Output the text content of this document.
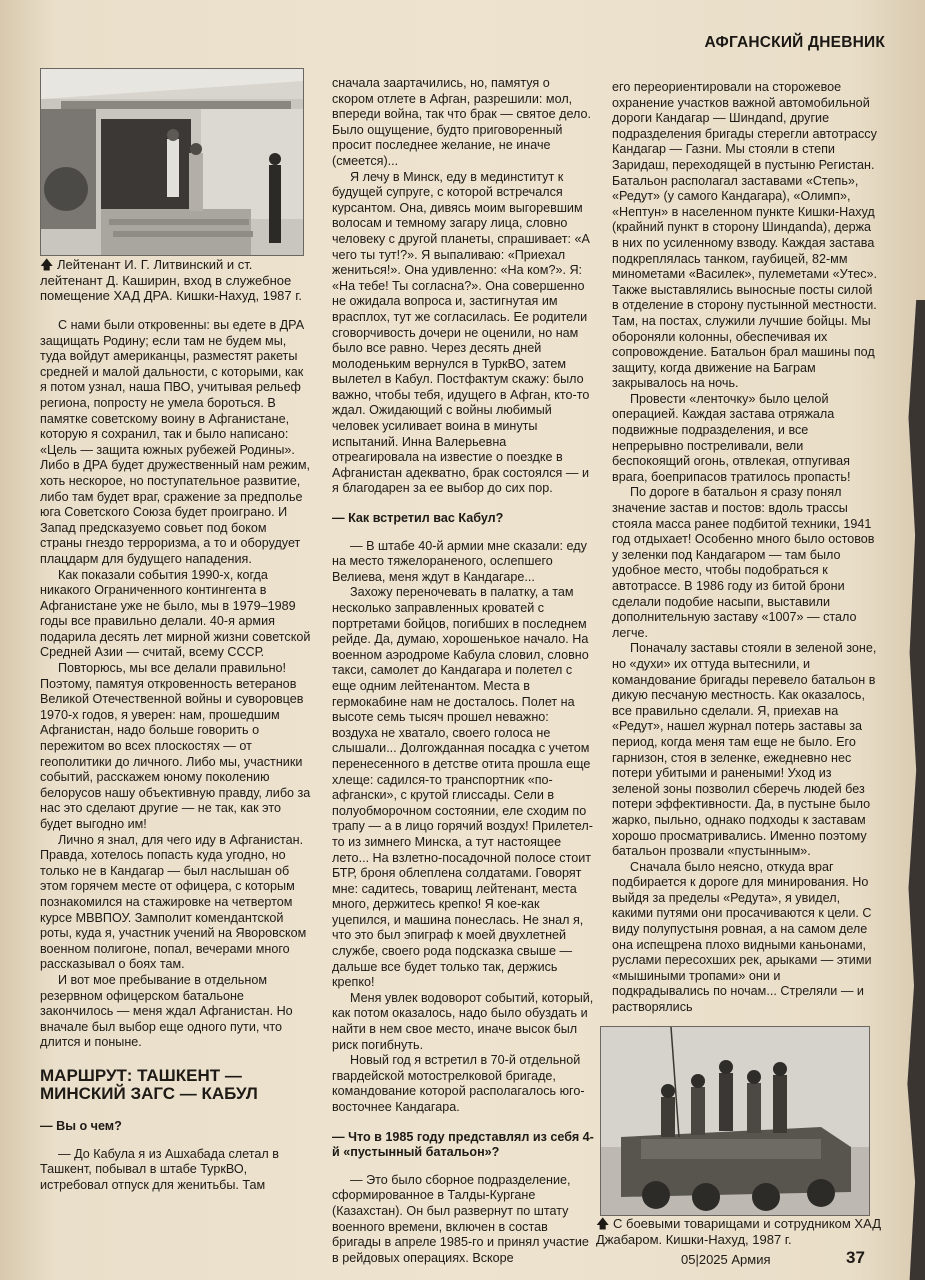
АФГАНСКИЙ ДНЕВНИК
🡅 Лейтенант И. Г. Литвинский и ст. лейтенант Д. Каширин, вход в служебное помещение ХАД ДРА. Кишки-Нахуд, 1987 г.

С нами были откровенны: вы едете в ДРА защищать Родину; если там не будем мы, туда войдут американцы, разместят ракеты средней и малой дальности, с которыми, как я потом узнал, наша ПВО, учитывая рельеф региона, попросту не умела бороться. В памятке советскому воину в Афганистане, которую я сохранил, так и было написано: «Цель — защита южных рубежей Родины». Либо в ДРА будет дружественный нам режим, хоть нескорое, но поступательное развитие, либо там будет враг, сражение за предполье юга Советского Союза будет проиграно. И Запад предсказуемо совьет под боком страны гнездо терроризма, а то и оборудует плацдарм для будущего нападения.

Как показали события 1990-х, когда никакого Ограниченного контингента в Афганистане уже не было, мы в 1979–1989 годы все правильно делали. 40-я армия подарила десять лет мирной жизни советской Средней Азии — считай, всему СССР.

Повторюсь, мы все делали правильно! Поэтому, памятуя откровенность ветеранов Великой Отечественной войны и суворовцев 1970-х годов, я уверен: нам, прошедшим Афганистан, надо больше говорить о пережитом во всех плоскостях — от геополитики до личного. Либо мы, участники событий, расскажем юному поколению белорусов нашу объективную правду, либо за нас это сделают другие — не так, как это будет выгодно им!

Лично я знал, для чего иду в Афганистан. Правда, хотелось попасть куда угодно, но только не в Кандагар — был наслышан об этом горячем месте от офицера, с которым познакомился на стажировке на четвертом курсе МВВПОУ. Замполит комендантской роты, куда я, участник учений на Яворовском военном полигоне, попал, вечерами много рассказывал о боях там.

И вот мое пребывание в отдельном резервном офицерском батальоне закончилось — меня ждал Афганистан. Но вначале был выбор еще одного пути, что длится и поныне.

МАРШРУТ: ТАШКЕНТ — МИНСКИЙ ЗАГС — КАБУЛ

— Вы о чем?

— До Кабула я из Ашхабада слетал в Ташкент, побывал в штабе ТуркВО, истребовал отпуск для женитьбы. Там

сначала заартачились, но, памятуя о скором отлете в Афган, разрешили: мол, впереди война, так что брак — святое дело. Было ощущение, будто приговоренный просит последнее желание, не иначе (смеется)...

Я лечу в Минск, еду в мединститут к будущей супруге, с которой встречался курсантом. Она, дивясь моим выгоревшим волосам и темному загару лица, словно человеку с другой планеты, спрашивает: «А чего ты тут!?». Я выпаливаю: «Приехал жениться!». Она удивленно: «На ком?». Я: «На тебе! Ты согласна?». Она совершенно не ожидала вопроса и, застигнутая им врасплох, тут же согласилась. Ее родители сговорчивость дочери не оценили, но нам было все равно. Через десять дней молоденьким вернулся в ТуркВО, затем вылетел в Кабул. Постфактум скажу: было важно, чтобы тебя, идущего в Афган, кто-то ждал. Ожидающий с войны любимый человек усиливает воина в минуты испытаний. Инна Валерьевна отреагировала на известие о поездке в Афганистан адекватно, брак состоялся — и я благодарен за ее выбор до сих пор.

— Как встретил вас Кабул?

— В штабе 40-й армии мне сказали: еду на место тяжелораненого, ослепшего Велиева, меня ждут в Кандагаре...

Захожу переночевать в палатку, а там несколько заправленных кроватей с портретами бойцов, погибших в последнем рейде. Да, думаю, хорошенькое начало. На военном аэродроме Кабула словил, словно такси, самолет до Кандагара и полетел с еще одним лейтенантом. Места в гермокабине нам не досталось. Полет на высоте семь тысяч прошел неважно: воздуха не хватало, своего голоса не слышали... Долгожданная посадка с учетом перенесенного в детстве отита прошла еще хлеще: садился-то транспортник «по-афгански», с крутой глиссады. Сели в полуобморочном состоянии, еле сходим по трапу — а в лицо горячий воздух! Прилетел-то из зимнего Минска, а тут настоящее лето... На взлетно-посадочной полосе стоит БТР, броня облеплена солдатами. Говорят мне: садитесь, товарищ лейтенант, места много, держитесь крепко! Я кое-как уцепился, и машина понеслась. Не знал я, что это был эпиграф к моей двухлетней службе, своего рода подсказка свыше — дальше все будет только так, держись крепко!

Меня увлек водоворот событий, который, как потом оказалось, надо было обуздать и найти в нем свое место, иначе высок был риск погибнуть.

Новый год я встретил в 70-й отдельной гвардейской мотострелковой бригаде, командование которой располагалось юго-восточнее Кандагара.

— Что в 1985 году представлял из себя 4-й «пустынный батальон»?

— Это было сборное подразделение, сформированное в Талды-Кургане (Казахстан). Он был развернут по штату военного времени, включен в состав бригады в апреле 1985-го и принял участие в рейдовых операциях. Вскоре

его переориентировали на сторожевое охранение участков важной автомобильной дороги Кандагар — Шиндand, другие подразделения бригады стерегли автотрассу Кандагар — Газни. Мы стояли в степи Заридаш, переходящей в пустыню Регистан. Батальон располагал заставами «Степь», «Редут» (у самого Кандагара), «Олимп», «Нептун» в населенном пункте Кишки-Нахуд (крайний пункт в сторону Шиндanda), держа в них по усиленному взводу. Каждая застава подкреплялась танком, гаубицей, 82-мм минометами «Василек», пулеметами «Утес». Также выставлялись выносные посты силой в отделение в сторону пустынной местности. Там, на постах, служили лучшие бойцы. Мы обороняли колонны, обеспечивая их сопровождение. Батальон брал машины под защиту, когда движение на Баграм закрывалось на ночь.

Провести «ленточку» было целой операцией. Каждая застава отряжала подвижные подразделения, и все непрерывно постреливали, вели беспокоящий огонь, отвлекая, отпугивая врага, боеприпасов тратилось пропасть!

По дороге в батальон я сразу понял значение застав и постов: вдоль трассы стояла масса ранее подбитой техники, 1941 год отдыхает! Особенно много было остовов у зеленки под Кандагаром — там было удобное место, чтобы подобраться к автотрассе. В 1986 году из битой брони сделали подобие насыпи, выставили дополнительную заставу «1007» — стало легче.

Поначалу заставы стояли в зеленой зоне, но «духи» их оттуда вытеснили, и командование бригады перевело батальон в дикую песчаную местность. Как оказалось, все правильно сделали. Я, приехав на «Редут», нашел журнал потерь заставы за период, когда меня там еще не было. Его гарнизон, стоя в зеленке, ежедневно нес потери убитыми и ранеными! Уход из зеленой зоны позволил сберечь людей без потери эффективности. Да, в пустыне было жарко, пыльно, однако подходы к заставам хорошо просматривались. Именно поэтому батальон прозвали «пустынным».

Сначала было неясно, откуда враг подбирается к дороге для минирования. Но выйдя за пределы «Редута», я увидел, какими путями они просачиваются к цели. С виду полупустыня ровная, а на самом деле она испещрена плохо видными каньонами, руслами пересохших рек, арыками — этими «мышиными тропами» они и подкрадывались по ночам... Стреляли — и растворялись

🡅 С боевыми товарищами и сотрудником ХАД Джабаром. Кишки-Нахуд, 1987 г.
05|2025 Армия	37
